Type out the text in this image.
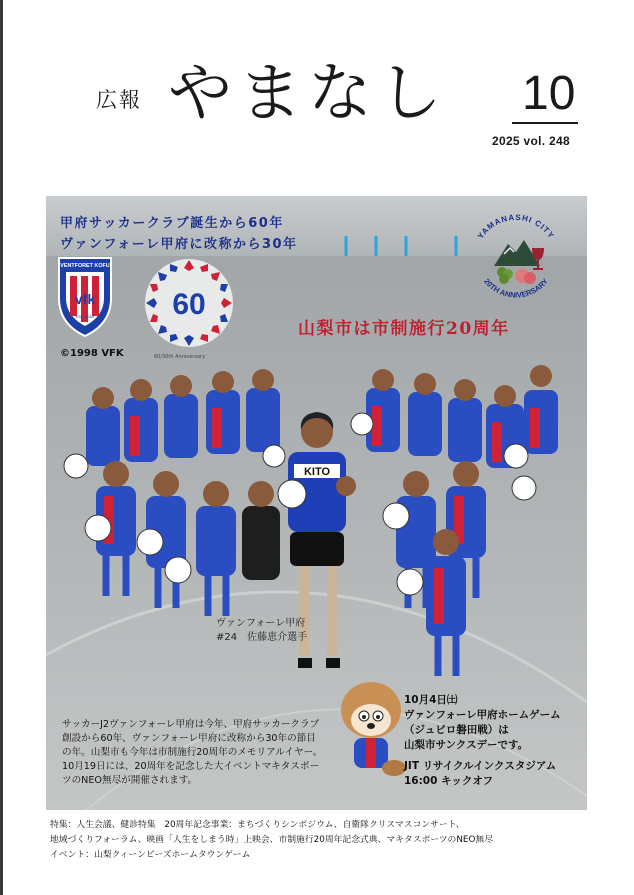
広報 やまなし 10
2025 vol. 248
甲府サッカークラブ誕生から60年
ヴァンフォーレ甲府に改称から30年
VENTFORET KOFU
vfk
EST. 1965
©1998 VFK
60
60/30th Anniversary
YAMANASHI CITY
20TH ANNIVERSARY
山梨市は市制施行20周年
KITO
ヴァンフォーレ甲府
#24　佐藤恵介選手
10月4日㈯
ヴァンフォーレ甲府ホームゲーム
（ジュビロ磐田戦）は
山梨市サンクスデーです。
JIT リサイクルインクスタジアム
16:00 キックオフ
サッカーJ2ヴァンフォーレ甲府は今年、甲府サッカークラブ創設から60年、ヴァンフォーレ甲府に改称から30年の節目の年。山梨市も今年は市制施行20周年のメモリアルイヤー。10月19日には、20周年を記念した大イベントマキタスポーツのNEO無尽が開催されます。
特集：人生会議、健診特集　20周年記念事業：まちづくりシンポジウム、自衛隊クリスマスコンサート、
地域づくりフォーラム、映画「人生をしまう時」上映会、市制施行20周年記念式典、マキタスポーツのNEO無尽
イベント：山梨クィーンビーズホームタウンゲーム
